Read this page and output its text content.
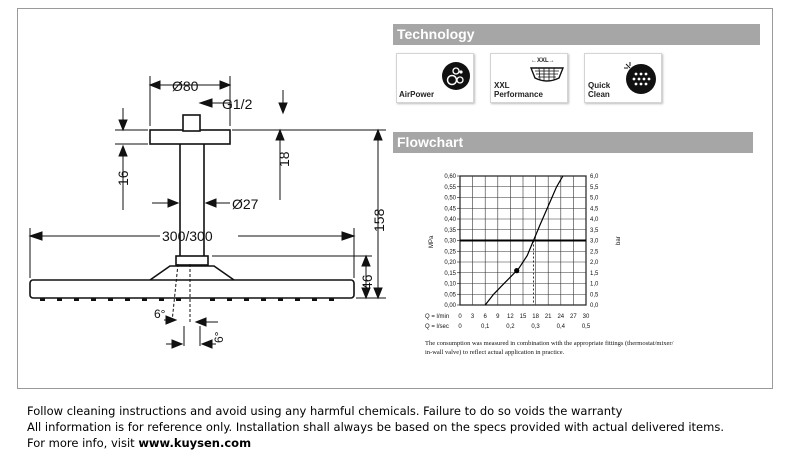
Ø80
G1/2
Ø27
300/300
6°
6°
16
18
158
46
Technology
AirPower
XXL
Performance
←XXL→
Quick
Clean
Flowchart
0 3 6 9 12 15 18 21 24 27 30
0	0,1	0,2	0,3	0,4	0,5
0,00	0,0
0,05	0,5
0,10	1,0
0,15	1,5
0,20	2,0
0,25	2,5
0,30	3,0
0,35	3,5
0,40	4,0
0,45	4,5
0,50	5,0
0,55	5,5
0,60	6,0
MPa	bar
Q = l/min
Q = l/sec
The consumption was measured in combination with the appropriate fittings (thermostat/mixer/
in-wall valve) to reflect actual application in practice.
Follow cleaning instructions and avoid using any harmful chemicals. Failure to do so voids the warranty
All information is for reference only. Installation shall always be based on the specs provided with actual delivered items.
For more info, visit www.kuysen.com
